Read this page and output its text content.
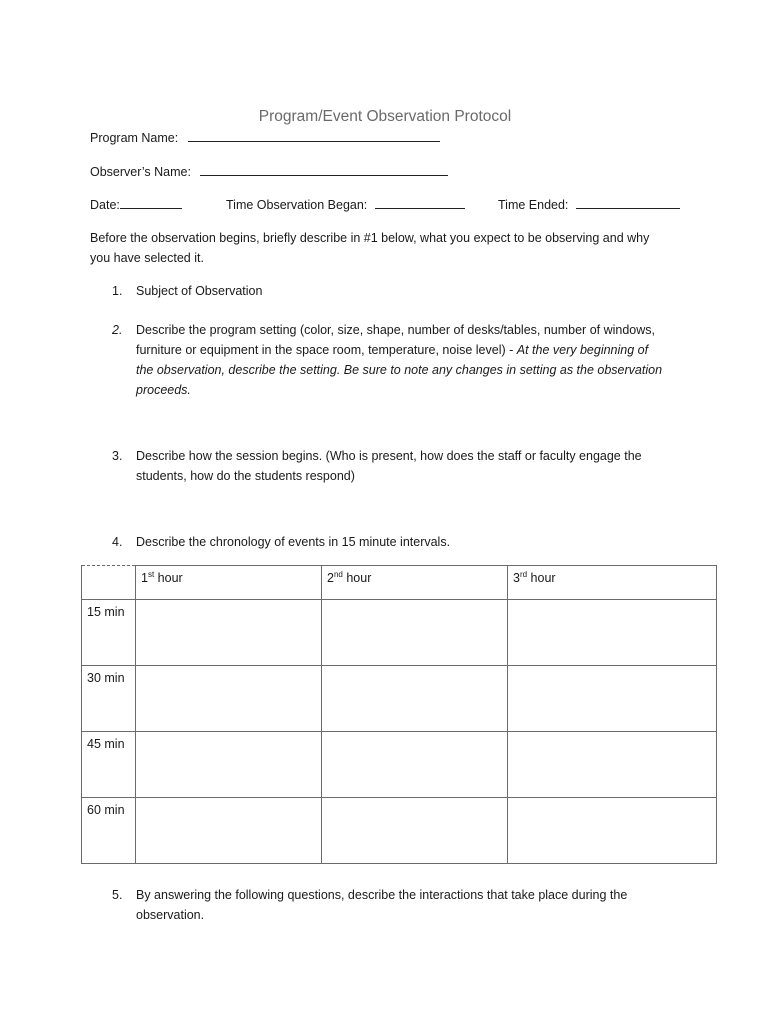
Program/Event Observation Protocol
Program Name:
Observer’s Name:
Date:	Time Observation Began:	Time Ended:
Before the observation begins, briefly describe in #1 below, what you expect to be observing and why
you have selected it.
1. Subject of Observation
2. Describe the program setting (color, size, shape, number of desks/tables, number of windows,
furniture or equipment in the space room, temperature, noise level) - At the very beginning of
the observation, describe the setting. Be sure to note any changes in setting as the observation
proceeds.
3. Describe how the session begins. (Who is present, how does the staff or faculty engage the
students, how do the students respond)
4. Describe the chronology of events in 15 minute intervals.
	1st hour	2nd hour	3rd hour
15 min			
30 min			
45 min			
60 min			
5. By answering the following questions, describe the interactions that take place during the
observation.
